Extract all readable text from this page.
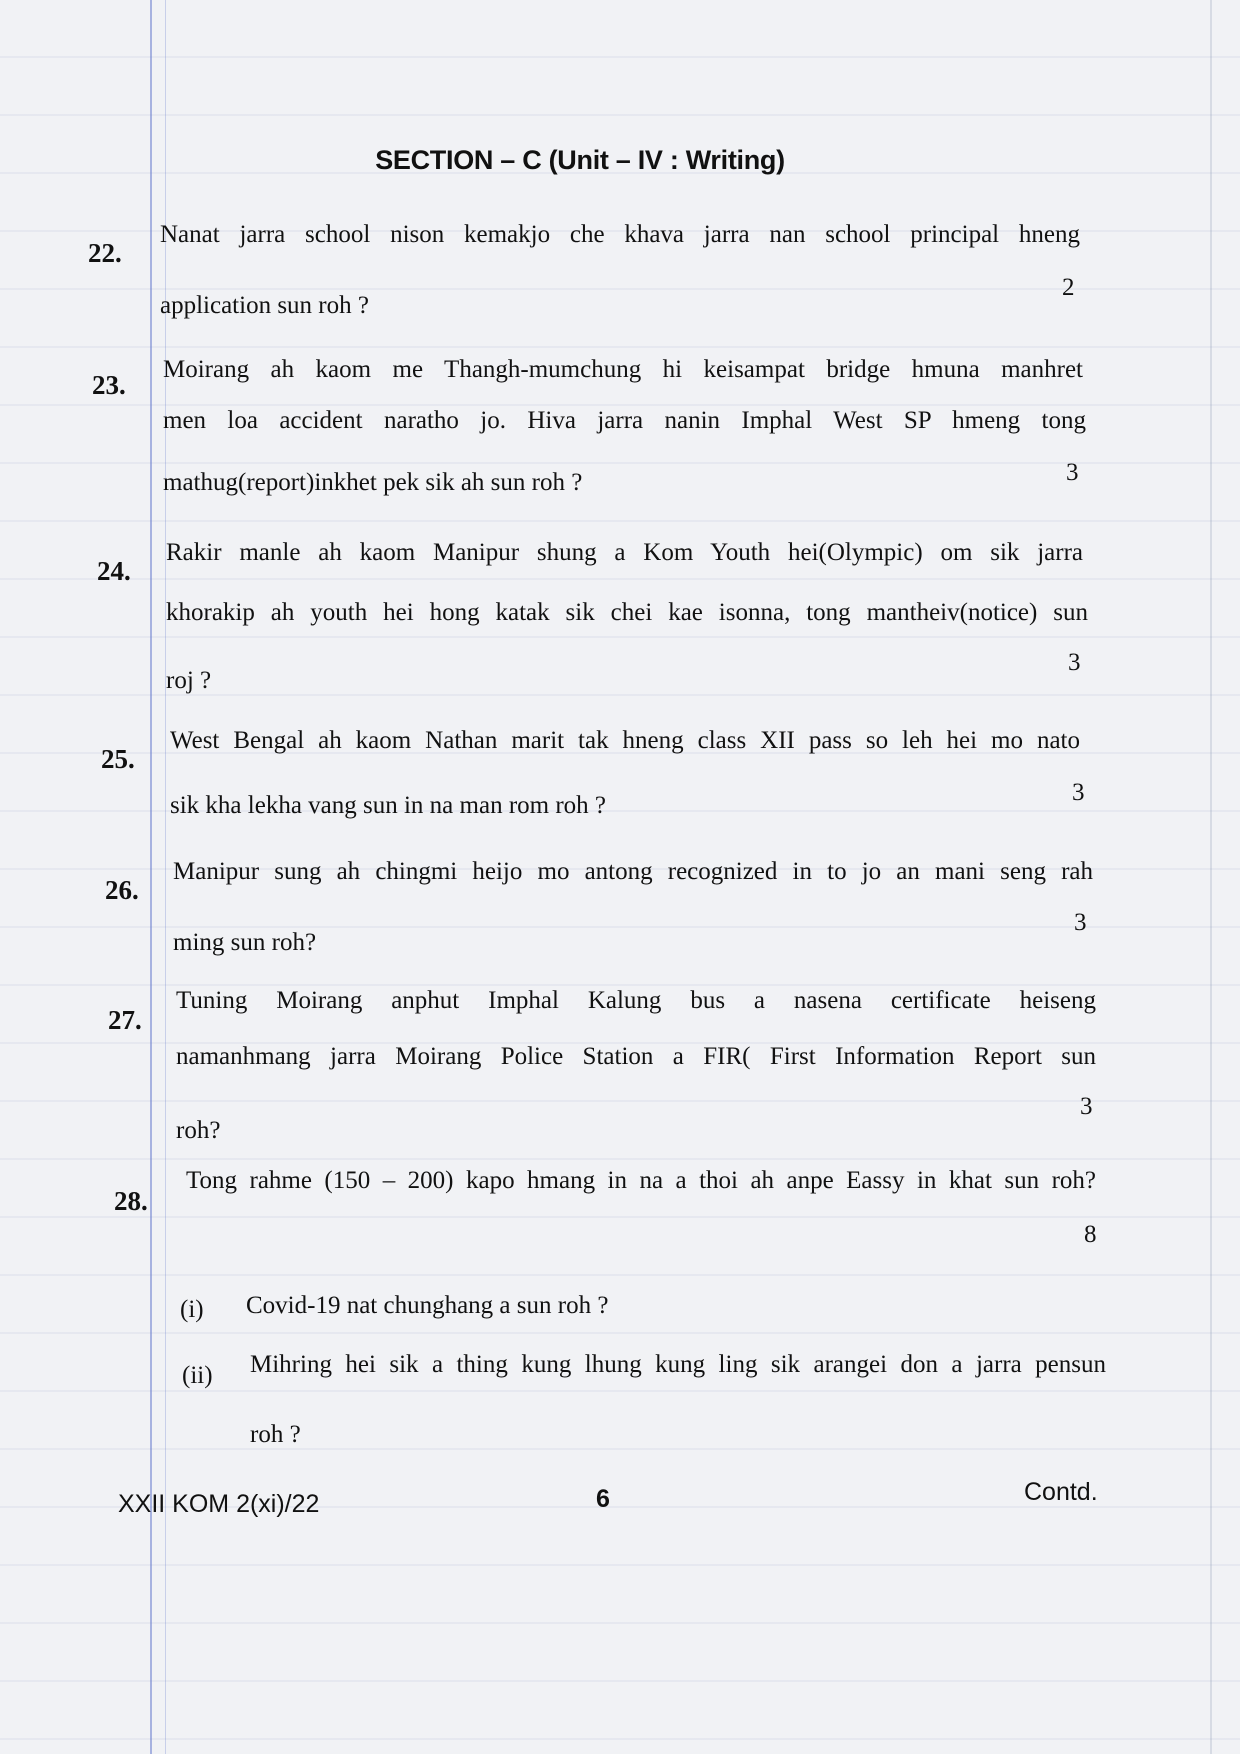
SECTION – C (Unit – IV : Writing)
22.
Nanat jarra school nison kemakjo che khava jarra nan school principal hneng
application sun roh ?
2
23.
Moirang ah kaom me Thangh-mumchung hi keisampat bridge hmuna manhret
men loa accident naratho jo. Hiva jarra nanin Imphal West SP hmeng tong
mathug(report)inkhet pek sik ah sun roh ?	3
24.
Rakir manle ah kaom Manipur shung a Kom Youth hei(Olympic) om sik jarra
khorakip ah youth hei hong katak sik chei kae isonna, tong mantheiv(notice) sun
roj ?
3
25.
West Bengal ah kaom Nathan marit tak hneng class XII pass so leh hei mo nato
sik kha lekha vang sun in na man rom roh ?	3
26.
Manipur sung ah chingmi heijo mo antong recognized in to jo an mani seng rah
ming sun roh?
3
27.
Tuning Moirang anphut Imphal Kalung bus a nasena certificate heiseng
namanhmang jarra Moirang Police Station a FIR( First Information Report sun
roh?
3
28.
Tong rahme (150 – 200) kapo hmang in na a thoi ah anpe Eassy in khat sun roh?
8
(i) Covid-19 nat chunghang a sun roh ?
(ii) Mihring hei sik a thing kung lhung kung ling sik arangei don a jarra pensun
roh ?
XXII KOM 2(xi)/22	6	Contd.
